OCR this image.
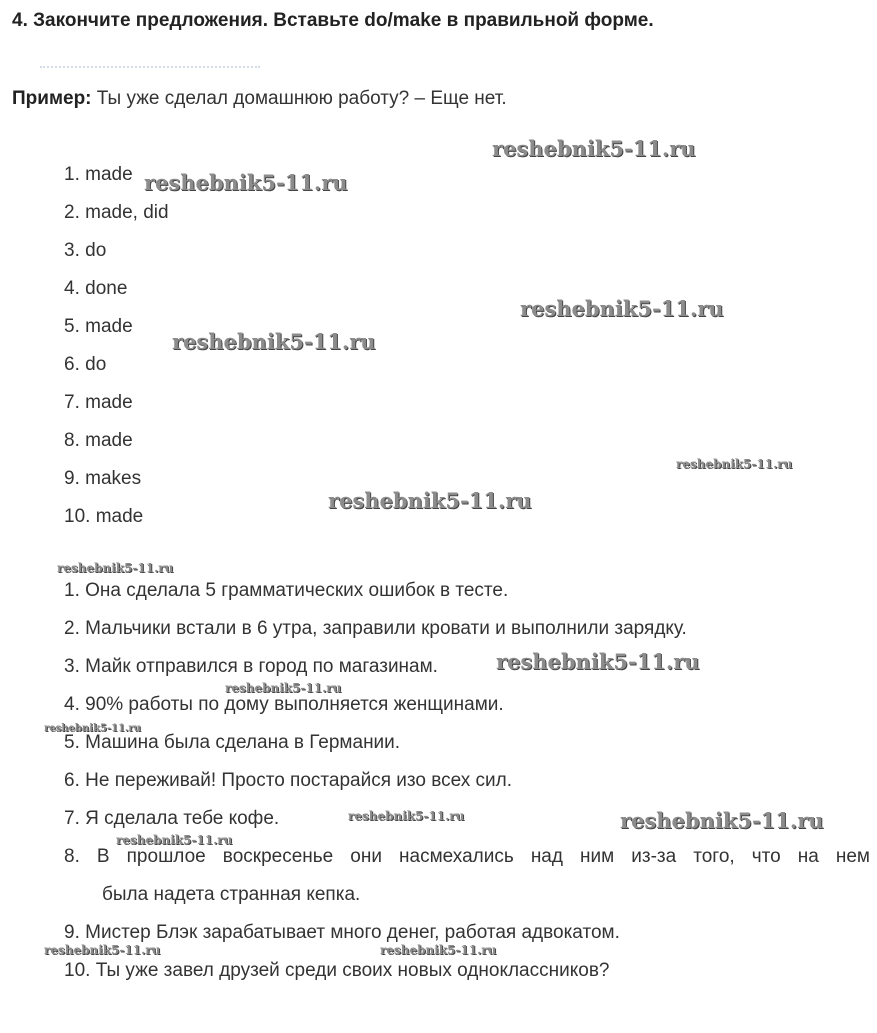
4. Закончите предложения. Вставьте do/make в правильной форме.
Пример: Ты уже сделал домашнюю работу? – Еще нет.
1. made
2. made, did
3. do
4. done
5. made
6. do
7. made
8. made
9. makes
10. made
1. Она сделала 5 грамматических ошибок в тесте.
2. Мальчики встали в 6 утра, заправили кровати и выполнили зарядку.
3. Майк отправился в город по магазинам.
4. 90% работы по дому выполняется женщинами.
5. Машина была сделана в Германии.
6. Не переживай! Просто постарайся изо всех сил.
7. Я сделала тебе кофе.
8. В прошлое воскресенье они насмехались над ним из-за того, что на нем
была надета странная кепка.
9. Мистер Блэк зарабатывает много денег, работая адвокатом.
10. Ты уже завел друзей среди своих новых одноклассников?
reshebnik5-11.ru
reshebnik5-11.ru
reshebnik5-11.ru
reshebnik5-11.ru
reshebnik5-11.ru
reshebnik5-11.ru
reshebnik5-11.ru
reshebnik5-11.ru
reshebnik5-11.ru
reshebnik5-11.ru
reshebnik5-11.ru	reshebnik5-11.ru
reshebnik5-11.ru
reshebnik5-11.ru	reshebnik5-11.ru
